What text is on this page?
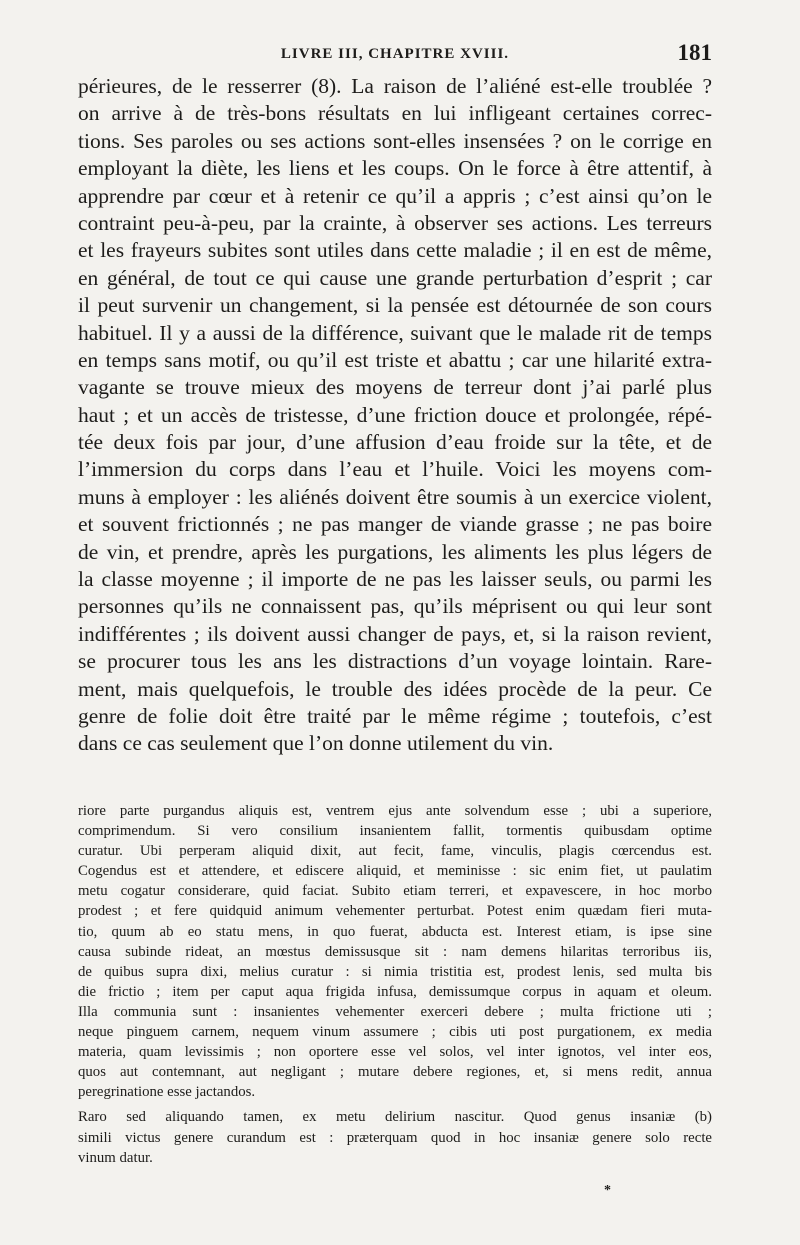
LIVRE III, CHAPITRE XVIII.	181
périeures, de le resserrer (8). La raison de l’aliéné est-elle troublée ?
on arrive à de très-bons résultats en lui infligeant certaines correc-
tions. Ses paroles ou ses actions sont-elles insensées ? on le corrige en
employant la diète, les liens et les coups. On le force à être attentif, à
apprendre par cœur et à retenir ce qu’il a appris ; c’est ainsi qu’on le
contraint peu-à-peu, par la crainte, à observer ses actions. Les terreurs
et les frayeurs subites sont utiles dans cette maladie ; il en est de même,
en général, de tout ce qui cause une grande perturbation d’esprit ; car
il peut survenir un changement, si la pensée est détournée de son cours
habituel. Il y a aussi de la différence, suivant que le malade rit de temps
en temps sans motif, ou qu’il est triste et abattu ; car une hilarité extra-
vagante se trouve mieux des moyens de terreur dont j’ai parlé plus
haut ; et un accès de tristesse, d’une friction douce et prolongée, répé-
tée deux fois par jour, d’une affusion d’eau froide sur la tête, et de
l’immersion du corps dans l’eau et l’huile. Voici les moyens com-
muns à employer : les aliénés doivent être soumis à un exercice violent,
et souvent frictionnés ; ne pas manger de viande grasse ; ne pas boire
de vin, et prendre, après les purgations, les aliments les plus légers de
la classe moyenne ; il importe de ne pas les laisser seuls, ou parmi les
personnes qu’ils ne connaissent pas, qu’ils méprisent ou qui leur sont
indifférentes ; ils doivent aussi changer de pays, et, si la raison revient,
se procurer tous les ans les distractions d’un voyage lointain. Rare-
ment, mais quelquefois, le trouble des idées procède de la peur. Ce
genre de folie doit être traité par le même régime ; toutefois, c’est
dans ce cas seulement que l’on donne utilement du vin.
riore parte purgandus aliquis est, ventrem ejus ante solvendum esse ; ubi a superiore,
comprimendum. Si vero consilium insanientem fallit, tormentis quibusdam optime
curatur. Ubi perperam aliquid dixit, aut fecit, fame, vinculis, plagis cœrcendus est.
Cogendus est et attendere, et ediscere aliquid, et meminisse : sic enim fiet, ut paulatim
metu cogatur considerare, quid faciat. Subito etiam terreri, et expavescere, in hoc morbo
prodest ; et fere quidquid animum vehementer perturbat. Potest enim quædam fieri muta-
tio, quum ab eo statu mens, in quo fuerat, abducta est. Interest etiam, is ipse sine
causa subinde rideat, an mœstus demissusque sit : nam demens hilaritas terroribus iis,
de quibus supra dixi, melius curatur : si nimia tristitia est, prodest lenis, sed multa bis
die frictio ; item per caput aqua frigida infusa, demissumque corpus in aquam et oleum.
Illa communia sunt : insanientes vehementer exerceri debere ; multa frictione uti ;
neque pinguem carnem, nequem vinum assumere ; cibis uti post purgationem, ex media
materia, quam levissimis ; non oportere esse vel solos, vel inter ignotos, vel inter eos,
quos aut contemnant, aut negligant ; mutare debere regiones, et, si mens redit, annua
peregrinatione esse jactandos.
Raro sed aliquando tamen, ex metu delirium nascitur. Quod genus insaniæ (b)
simili victus genere curandum est : præterquam quod in hoc insaniæ genere solo recte
vinum datur.
*
